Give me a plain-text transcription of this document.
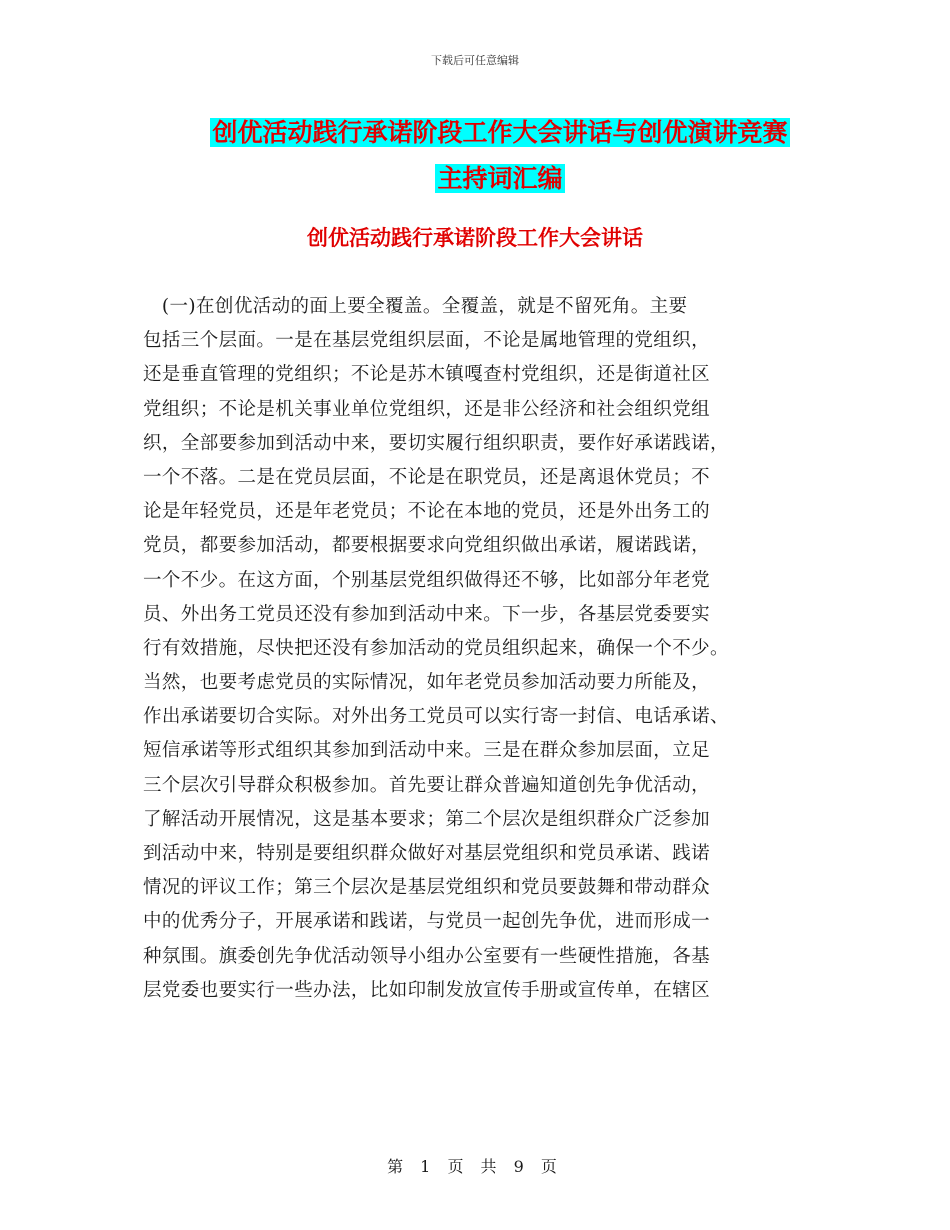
下载后可任意编辑
创优活动践行承诺阶段工作大会讲话与创优演讲竞赛
主持词汇编
创优活动践行承诺阶段工作大会讲话
　(一)在创优活动的面上要全覆盖。全覆盖，就是不留死角。主要
包括三个层面。一是在基层党组织层面，不论是属地管理的党组织，
还是垂直管理的党组织；不论是苏木镇嘎查村党组织，还是街道社区
党组织；不论是机关事业单位党组织，还是非公经济和社会组织党组
织，全部要参加到活动中来，要切实履行组织职责，要作好承诺践诺，
一个不落。二是在党员层面，不论是在职党员，还是离退休党员；不
论是年轻党员，还是年老党员；不论在本地的党员，还是外出务工的
党员，都要参加活动，都要根据要求向党组织做出承诺，履诺践诺，
一个不少。在这方面，个别基层党组织做得还不够，比如部分年老党
员、外出务工党员还没有参加到活动中来。下一步，各基层党委要实
行有效措施，尽快把还没有参加活动的党员组织起来，确保一个不少。
当然，也要考虑党员的实际情况，如年老党员参加活动要力所能及，
作出承诺要切合实际。对外出务工党员可以实行寄一封信、电话承诺、
短信承诺等形式组织其参加到活动中来。三是在群众参加层面，立足
三个层次引导群众积极参加。首先要让群众普遍知道创先争优活动，
了解活动开展情况，这是基本要求；第二个层次是组织群众广泛参加
到活动中来，特别是要组织群众做好对基层党组织和党员承诺、践诺
情况的评议工作；第三个层次是基层党组织和党员要鼓舞和带动群众
中的优秀分子，开展承诺和践诺，与党员一起创先争优，进而形成一
种氛围。旗委创先争优活动领导小组办公室要有一些硬性措施，各基
层党委也要实行一些办法，比如印制发放宣传手册或宣传单，在辖区
第 1 页 共 9 页
